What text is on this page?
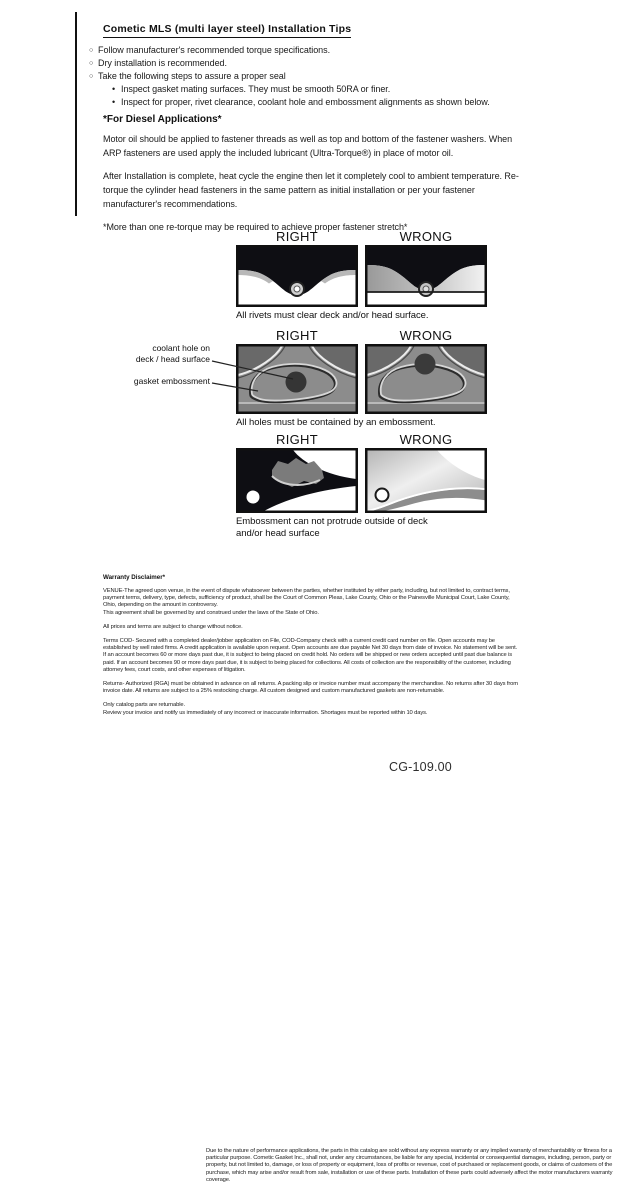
Cometic MLS (multi layer steel) Installation Tips
○ Follow manufacturer's recommended torque specifications.
○ Dry installation is recommended.
○ Take the following steps to assure a proper seal
• Inspect gasket mating surfaces. They must be smooth 50RA or finer.
• Inspect for proper, rivet clearance, coolant hole and embossment alignments as shown below.
*For Diesel Applications*

Motor oil should be applied to fastener threads as well as top and bottom of the fastener washers. When ARP fasteners are used apply the included lubricant (Ultra-Torque®) in place of motor oil.

After Installation is complete, heat cycle the engine then let it completely cool to ambient temperature. Re-torque the cylinder head fasteners in the same pattern as initial installation or per your fastener manufacturer's recommendations.

*More than one re-torque may be required to achieve proper fastener stretch*

RIGHT	WRONG
All rivets must clear deck and/or head surface.
RIGHT	WRONG
All holes must be contained by an embossment.
coolant hole on
deck / head surface
gasket embossment
RIGHT	WRONG
Embossment can not protrude outside of deck
and/or head surface
Warranty Disclaimer*

Due to the nature of performance applications, the parts in this catalog are sold without any express warranty or any implied warranty of merchantability or fitness for a particular purpose. Cometic Gasket Inc., shall not, under any circumstances, be liable for any special, incidental or consequential damages, including, person, party or property, but not limited to, damage, or loss of property or equipment, loss of profits or revenue, cost of purchased or replacement goods, or claims of customers of the purchase, which may arise and/or result from sale, installation or use of these parts. Installation of these parts could adversely affect the motor manufacturers warranty coverage.

VENUE-The agreed upon venue, in the event of dispute whatsoever between the parties, whether instituted by either party, including, but not limited to, contract terms, payment terms, delivery, type, defects, sufficiency of product, shall be the Court of Common Pleas, Lake County, Ohio or the Painesville Municipal Court, Lake County, Ohio, depending on the amount in controversy.

This agreement shall be governed by and construed under the laws of the State of Ohio.

All prices and terms are subject to change without notice.

Terms COD- Secured with a completed dealer/jobber application on File, COD-Company check with a current credit card number on file. Open accounts may be established by well rated firms. A credit application is available upon request. Open accounts are due payable Net 30 days from date of invoice. No statement will be sent. If an account becomes 60 or more days past due, it is subject to being placed on credit hold. No orders will be shipped or new orders accepted until past due balance is paid. If an account becomes 90 or more days past due, it is subject to being placed for collections. All costs of collection are the responsibility of the customer, including attorney fees, court costs, and other expenses of litigation.

Returns- Authorized (RGA) must be obtained in advance on all returns. A packing slip or invoice number must accompany the merchandise. No returns after 30 days from invoice date. All returns are subject to a 25% restocking charge. All custom designed and custom manufactured gaskets are non-returnable.

Only catalog parts are returnable.

Review your invoice and notify us immediately of any incorrect or inaccurate information. Shortages must be reported within 10 days.

CG-109.00
